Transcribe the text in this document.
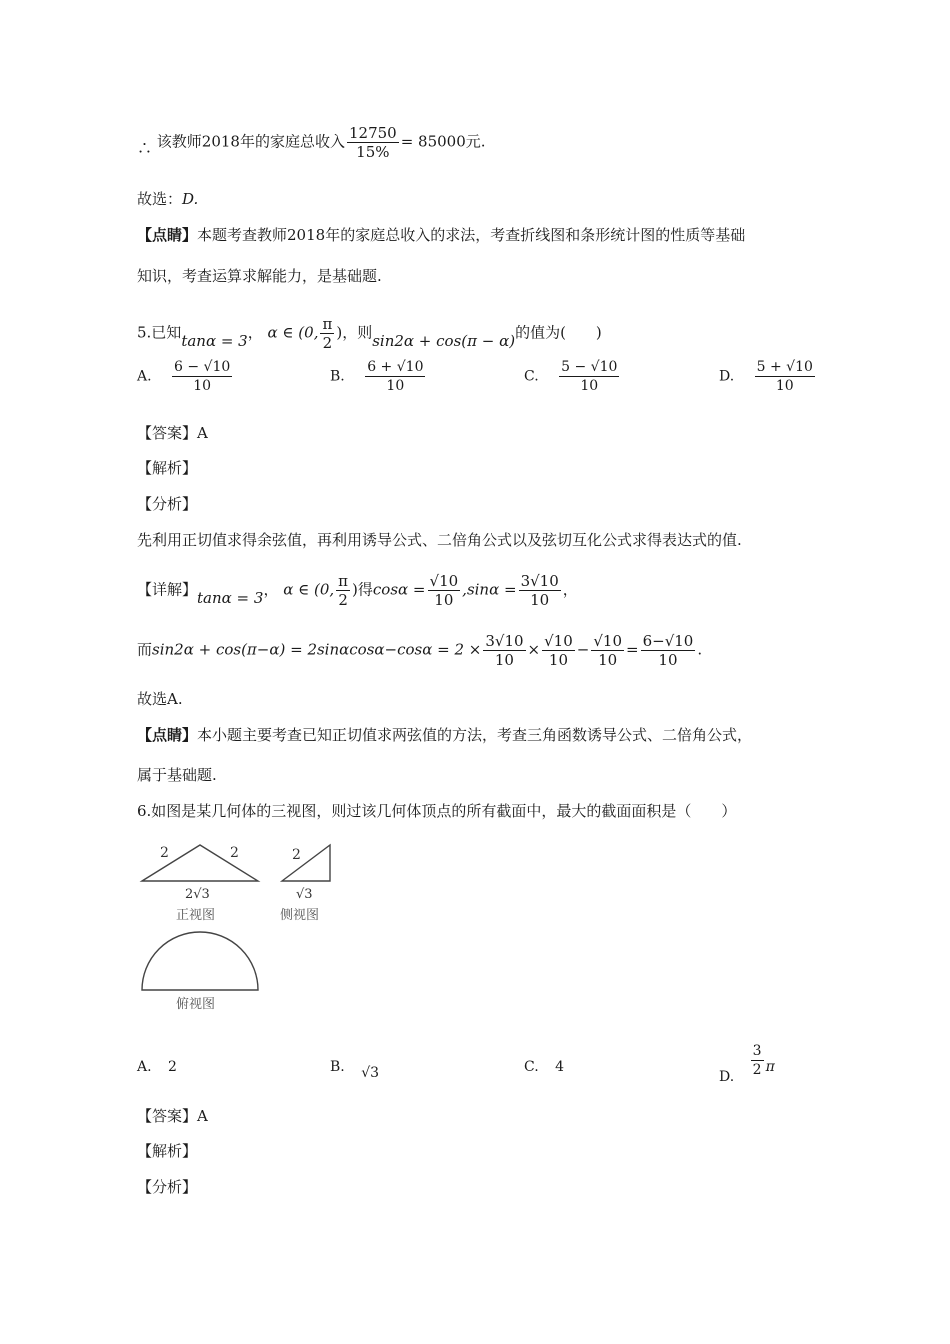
∴ 该教师2018年的家庭总收入 $\frac{12750}{15\%} = 85000$元.
故选：D.
【点睛】本题考查教师2018年的家庭总收入的求法，考查折线图和条形统计图的性质等基础
知识，考查运算求解能力，是基础题.
5.已知tanα = 3， α ∈ (0, $\frac{\pi}{2}$ )，则sin2α + cos(π − α)的值为(　　)
A. $\frac{6 - √10}{10}$	B. $\frac{6 + √10}{10}$	C. $\frac{5 - √10}{10}$	D. $\frac{5 + √10}{10}$
【答案】A
【解析】
【分析】
先利用正切值求得余弦值，再利用诱导公式、二倍角公式以及弦切互化公式求得表达式的值.
【详解】tanα = 3， α ∈ (0, $\frac{\pi}{2}$ )得$\cos\alpha = \frac{√10}{10} ,\sin\alpha = \frac{3√10}{10}$ ，
而$\sin 2\alpha + \cos(\pi-\alpha) = 2\sin\alpha\cos\alpha-\cos\alpha = 2 \times \frac{3√10}{10} \times \frac{√10}{10} - \frac{√10}{10} = \frac{6-√10}{10}$ .
故选A.
【点睛】本小题主要考查已知正切值求两弦值的方法，考查三角函数诱导公式、二倍角公式，
属于基础题.
6.如图是某几何体的三视图，则过该几何体顶点的所有截面中，最大的截面面积是（　　）
2	2
2√3
正视图
2
√3
侧视图
俯视图
A. 2	B. √3	C. 4
D. $\frac{3}{2}$ π
【答案】A
【解析】
【分析】
